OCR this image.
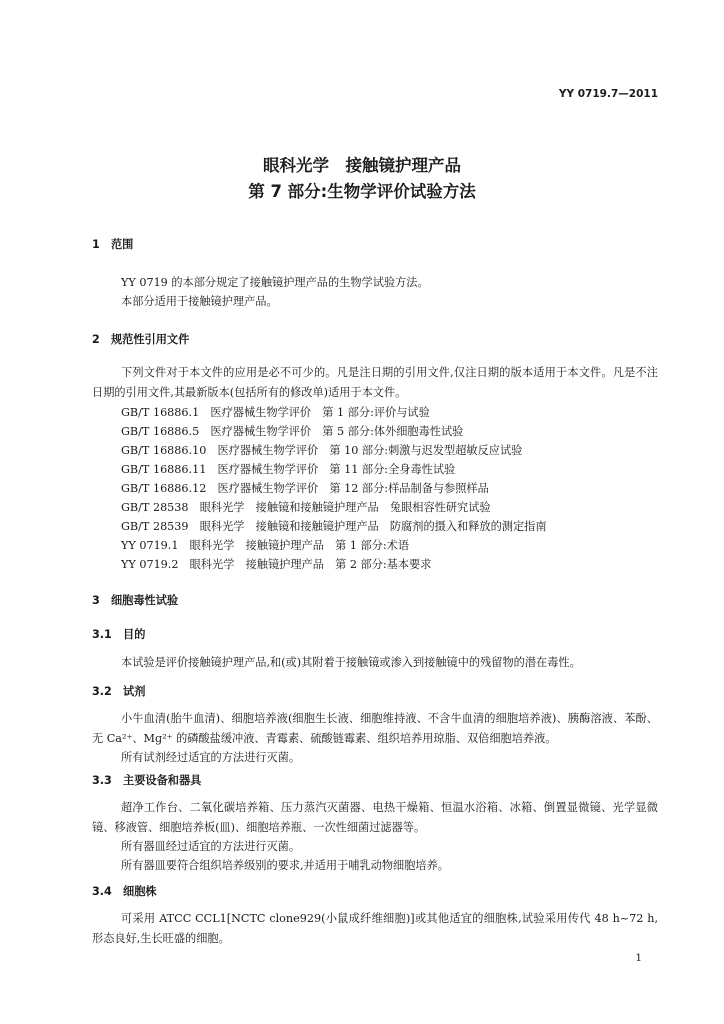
YY 0719.7—2011
眼科光学　接触镜护理产品
第 7 部分:生物学评价试验方法
1　范围
YY 0719 的本部分规定了接触镜护理产品的生物学试验方法。
本部分适用于接触镜护理产品。
2　规范性引用文件
下列文件对于本文件的应用是必不可少的。凡是注日期的引用文件,仅注日期的版本适用于本文件。凡是不注日期的引用文件,其最新版本(包括所有的修改单)适用于本文件。
GB/T 16886.1　医疗器械生物学评价　第 1 部分:评价与试验
GB/T 16886.5　医疗器械生物学评价　第 5 部分:体外细胞毒性试验
GB/T 16886.10　医疗器械生物学评价　第 10 部分:刺激与迟发型超敏反应试验
GB/T 16886.11　医疗器械生物学评价　第 11 部分:全身毒性试验
GB/T 16886.12　医疗器械生物学评价　第 12 部分:样品制备与参照样品
GB/T 28538　眼科光学　接触镜和接触镜护理产品　兔眼相容性研究试验
GB/T 28539　眼科光学　接触镜和接触镜护理产品　防腐剂的摄入和释放的测定指南
YY 0719.1　眼科光学　接触镜护理产品　第 1 部分:术语
YY 0719.2　眼科光学　接触镜护理产品　第 2 部分:基本要求
3　细胞毒性试验
3.1　目的
本试验是评价接触镜护理产品,和(或)其附着于接触镜或渗入到接触镜中的残留物的潜在毒性。
3.2　试剂
小牛血清(胎牛血清)、细胞培养液(细胞生长液、细胞维持液、不含牛血清的细胞培养液)、胰酶溶液、苯酚、无 Ca²⁺、Mg²⁺ 的磷酸盐缓冲液、青霉素、硫酸链霉素、组织培养用琼脂、双倍细胞培养液。
所有试剂经过适宜的方法进行灭菌。
3.3　主要设备和器具
超净工作台、二氧化碳培养箱、压力蒸汽灭菌器、电热干燥箱、恒温水浴箱、冰箱、倒置显微镜、光学显微镜、移液管、细胞培养板(皿)、细胞培养瓶、一次性细菌过滤器等。
所有器皿经过适宜的方法进行灭菌。
所有器皿要符合组织培养级别的要求,并适用于哺乳动物细胞培养。
3.4　细胞株
可采用 ATCC CCL1[NCTC clone929(小鼠成纤维细胞)]或其他适宜的细胞株,试验采用传代 48 h~72 h,形态良好,生长旺盛的细胞。
1
